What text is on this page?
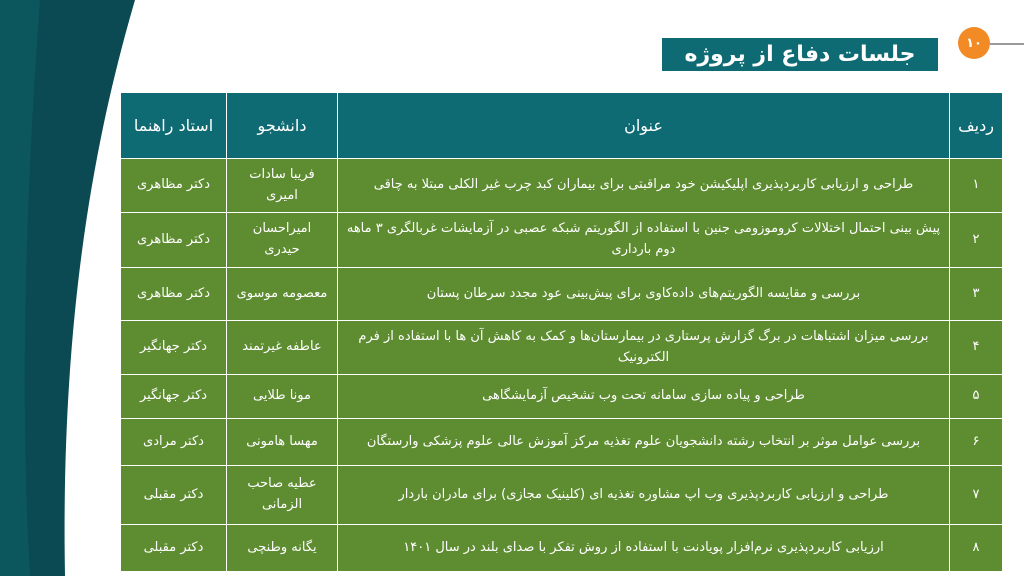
جلسات دفاع از پروژه	۱۰
ردیف	عنوان	دانشجو	استاد راهنما
۱	طراحی و ارزیابی کاربردپذیری اپلیکیشن خود مراقبتی برای بیماران کبد چرب غیر الکلی مبتلا به چاقی	فریبا سادات امیری	دکتر مظاهری
۲	پیش بینی احتمال اختلالات کروموزومی جنین با استفاده از الگوریتم شبکه عصبی در آزمایشات غربالگری ۳ ماهه دوم بارداری	امیراحسان حیدری	دکتر مظاهری
۳	بررسی و مقایسه الگوریتم‌های داده‌کاوی برای پیش‌بینی عود مجدد سرطان پستان	معصومه موسوی	دکتر مظاهری
۴	بررسی میزان اشتباهات در برگ گزارش پرستاری در بیمارستان‌ها و کمک به کاهش آن ها با استفاده از فرم الکترونیک	عاطفه غیرتمند	دکتر جهانگیر
۵	طراحی و پیاده سازی سامانه تحت وب تشخیص آزمایشگاهی	مونا طلایی	دکتر جهانگیر
۶	بررسی عوامل موثر بر انتخاب رشته دانشجویان علوم تغذیه مرکز آموزش عالی علوم پزشکی وارستگان	مهسا هامونی	دکتر مرادی
۷	طراحی و ارزیابی کاربردپذیری وب اپ مشاوره تغذیه ای (کلینیک مجازی) برای مادران باردار	عطیه صاحب الزمانی	دکتر مقبلی
۸	ارزیابی کاربردپذیری نرم‌افزار پویادنت با استفاده از روش تفکر با صدای بلند در سال ۱۴۰۱	یگانه وطنچی	دکتر مقبلی
